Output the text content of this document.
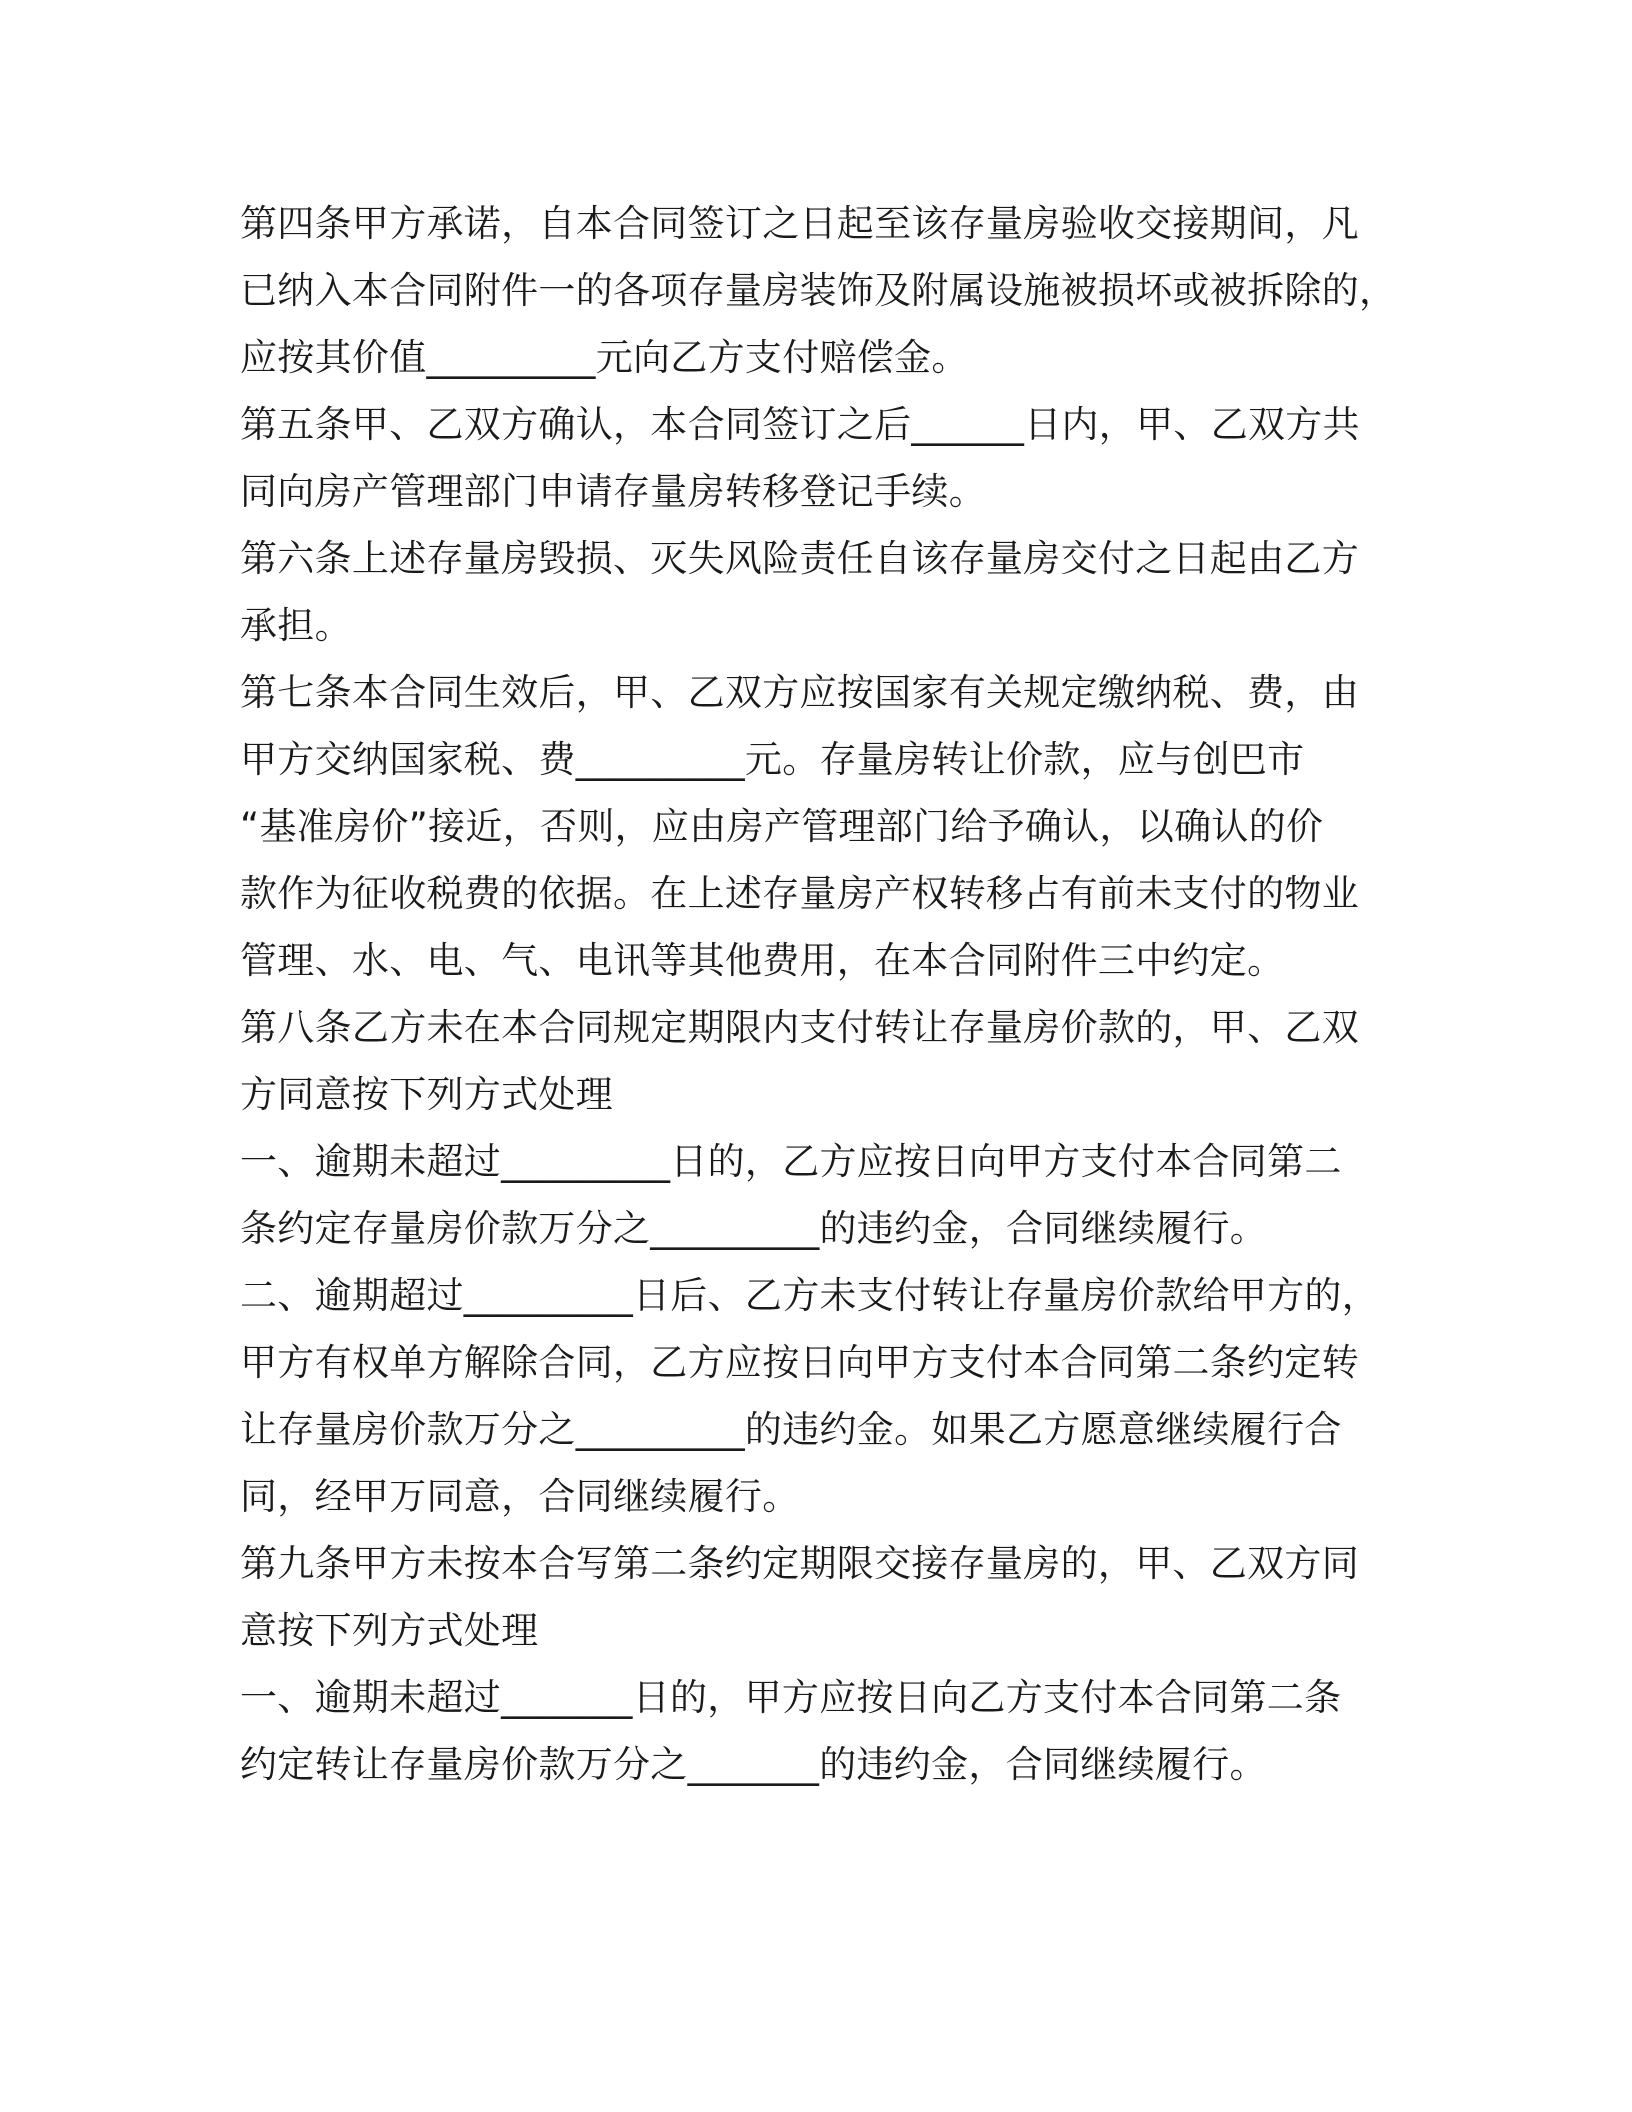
第四条甲方承诺，自本合同签订之日起至该存量房验收交接期间，凡
已纳入本合同附件一的各项存量房装饰及附属设施被损坏或被拆除的，
应按其价值_________元向乙方支付赔偿金。
第五条甲、乙双方确认，本合同签订之后______日内，甲、乙双方共
同向房产管理部门申请存量房转移登记手续。
第六条上述存量房毁损、灭失风险责任自该存量房交付之日起由乙方
承担。
第七条本合同生效后，甲、乙双方应按国家有关规定缴纳税、费，由
甲方交纳国家税、费_________元。存量房转让价款，应与创巴市
“基准房价”接近，否则，应由房产管理部门给予确认，以确认的价
款作为征收税费的依据。在上述存量房产权转移占有前未支付的物业
管理、水、电、气、电讯等其他费用，在本合同附件三中约定。
第八条乙方未在本合同规定期限内支付转让存量房价款的，甲、乙双
方同意按下列方式处理
一、逾期未超过_________日的，乙方应按日向甲方支付本合同第二
条约定存量房价款万分之_________的违约金，合同继续履行。
二、逾期超过_________日后、乙方未支付转让存量房价款给甲方的，
甲方有权单方解除合同，乙方应按日向甲方支付本合同第二条约定转
让存量房价款万分之_________的违约金。如果乙方愿意继续履行合
同，经甲万同意，合同继续履行。
第九条甲方未按本合写第二条约定期限交接存量房的，甲、乙双方同
意按下列方式处理
一、逾期未超过_______日的，甲方应按日向乙方支付本合同第二条
约定转让存量房价款万分之_______的违约金，合同继续履行。
